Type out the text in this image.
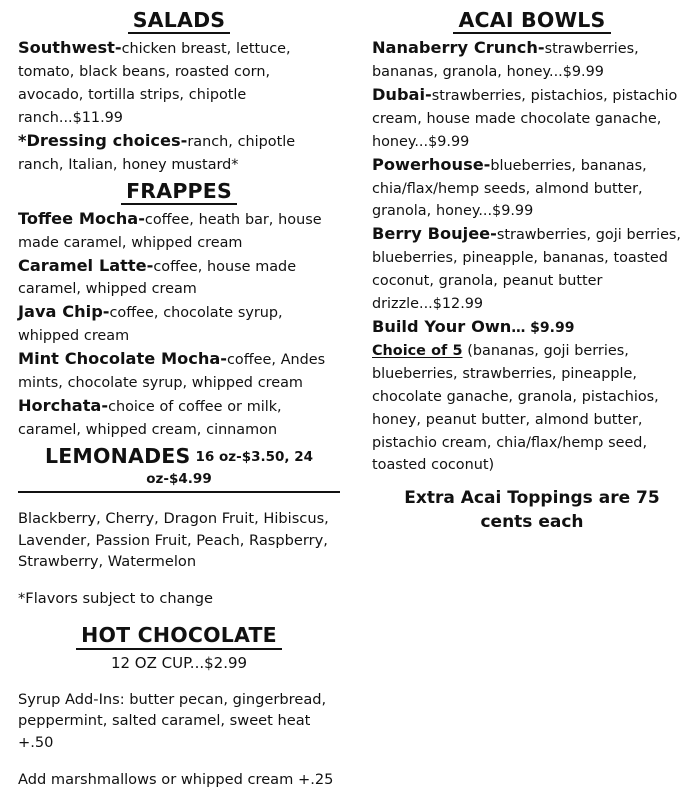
SALADS

Southwest-chicken breast, lettuce, tomato, black beans, roasted corn, avocado, tortilla strips, chipotle ranch...$11.99

*Dressing choices-ranch, chipotle ranch, Italian, honey mustard*

FRAPPES

Toffee Mocha-coffee, heath bar, house made caramel, whipped cream

Caramel Latte-coffee, house made caramel, whipped cream

Java Chip-coffee, chocolate syrup, whipped cream

Mint Chocolate Mocha-coffee, Andes mints, chocolate syrup, whipped cream

Horchata-choice of coffee or milk, caramel, whipped cream, cinnamon

LEMONADES 16 oz-$3.50, 24 oz-$4.99

Blackberry, Cherry, Dragon Fruit, Hibiscus, Lavender, Passion Fruit, Peach, Raspberry, Strawberry, Watermelon

*Flavors subject to change

HOT CHOCOLATE

12 OZ CUP...$2.99

Syrup Add-Ins: butter pecan, gingerbread, peppermint, salted caramel, sweet heat +.50

Add marshmallows or whipped cream +.25

ACAI BOWLS

Nanaberry Crunch-strawberries, bananas, granola, honey...$9.99

Dubai-strawberries, pistachios, pistachio cream, house made chocolate ganache, honey...$9.99

Powerhouse-blueberries, bananas, chia/flax/hemp seeds, almond butter, granola, honey...$9.99

Berry Boujee-strawberries, goji berries, blueberries, pineapple, bananas, toasted coconut, granola, peanut butter drizzle...$12.99

Build Your Own… $9.99

Choice of 5 (bananas, goji berries, blueberries, strawberries, pineapple, chocolate ganache, granola, pistachios, honey, peanut butter, almond butter, pistachio cream, chia/flax/hemp seed, toasted coconut)

Extra Acai Toppings are 75 cents each
